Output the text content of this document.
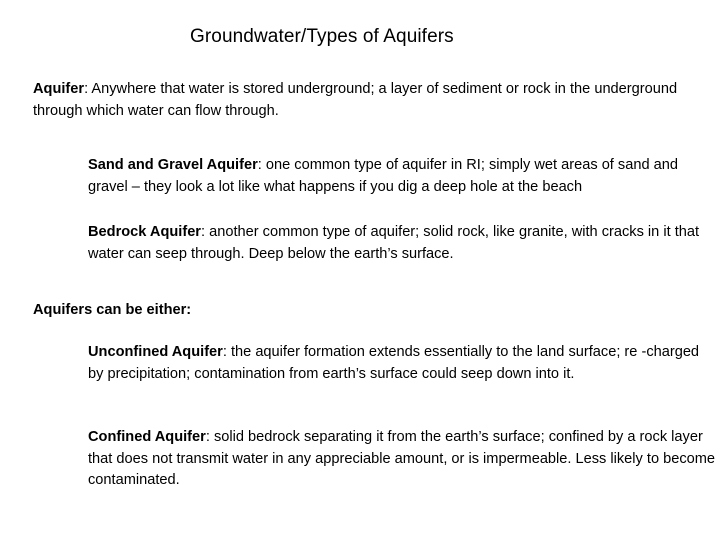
Groundwater/Types of Aquifers

Aquifer: Anywhere that water is stored underground; a layer of sediment or rock in the underground through which water can flow through.

Sand and Gravel Aquifer: one common type of aquifer in RI; simply wet areas of sand and gravel – they look a lot like what happens if you dig a deep hole at the beach

Bedrock Aquifer: another common type of aquifer; solid rock, like granite, with cracks in it that water can seep through. Deep below the earth’s surface.

Aquifers can be either:

Unconfined Aquifer: the aquifer formation extends essentially to the land surface; re -charged by precipitation; contamination from earth’s surface could seep down into it.

Confined Aquifer: solid bedrock separating it from the earth’s surface; confined by a rock layer that does not transmit water in any appreciable amount, or is impermeable. Less likely to become contaminated.
